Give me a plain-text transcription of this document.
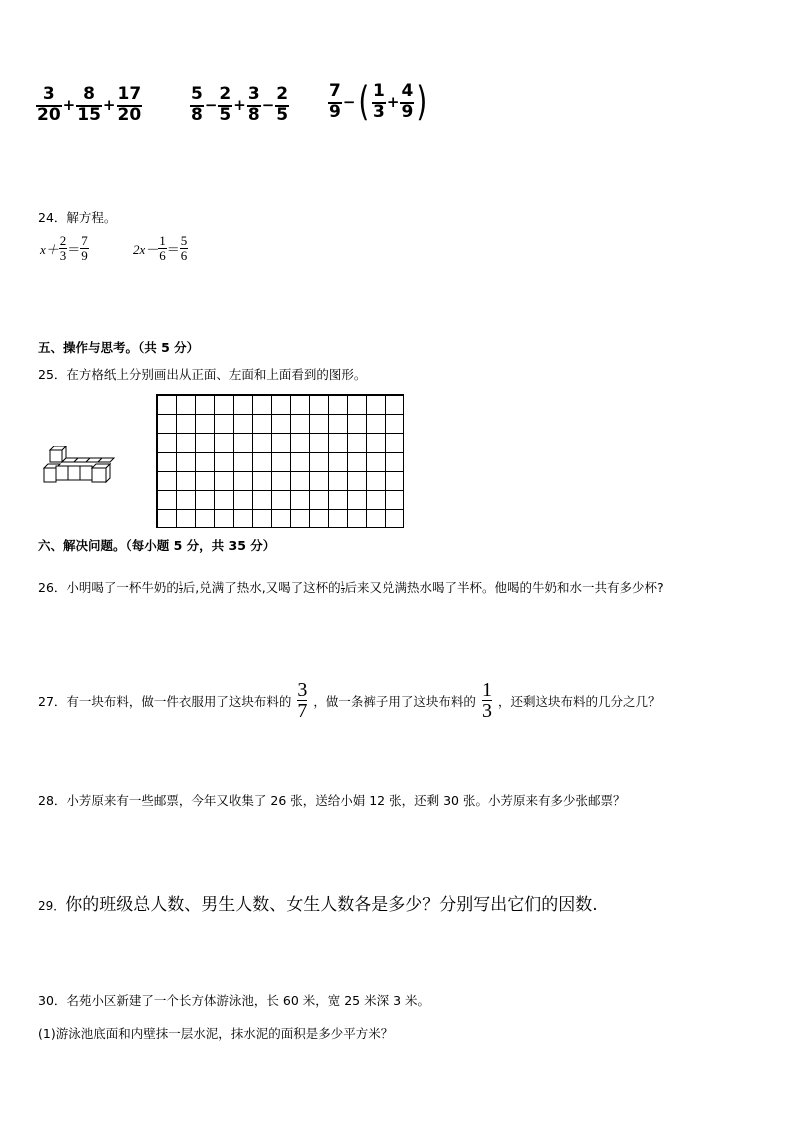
$\frac{3}{20} + \frac{8}{15} + \frac{17}{20}$	$\frac{5}{8} - \frac{2}{5} + \frac{3}{8} - \frac{2}{5} \frac{7}{9}$ − ( $\frac{1}{3} + \frac{4}{9}$ )
24．解方程。
$x+ \frac{2}{3} = \frac{7}{9}$	$2x- \frac{1}{6} = \frac{5}{6}$
五、操作与思考。（共 5 分）
25．在方格纸上分别画出从正面、左面和上面看到的图形。
六、解决问题。（每小题 5 分，共 35 分）
26．小明喝了一杯牛奶的 $\frac{1}{3}$ 后,兑满了热水,又喝了这杯的 $\frac{1}{3}$ 后来又兑满热水喝了半杯。他喝的牛奶和水一共有多少杯?
27．有一块布料，做一件衣服用了这块布料的 3
7 ，做一条裤子用了这块布料的 1
3 ，还剩这块布料的几分之几？
28．小芳原来有一些邮票，今年又收集了 26 张，送给小娟 12 张，还剩 30 张。小芳原来有多少张邮票？
29．你的班级总人数、男生人数、女生人数各是多少？分别写出它们的因数.
30．名苑小区新建了一个长方体游泳池，长 60 米，宽 25 米深 3 米。
(1)游泳池底面和内壁抹一层水泥，抹水泥的面积是多少平方米？
